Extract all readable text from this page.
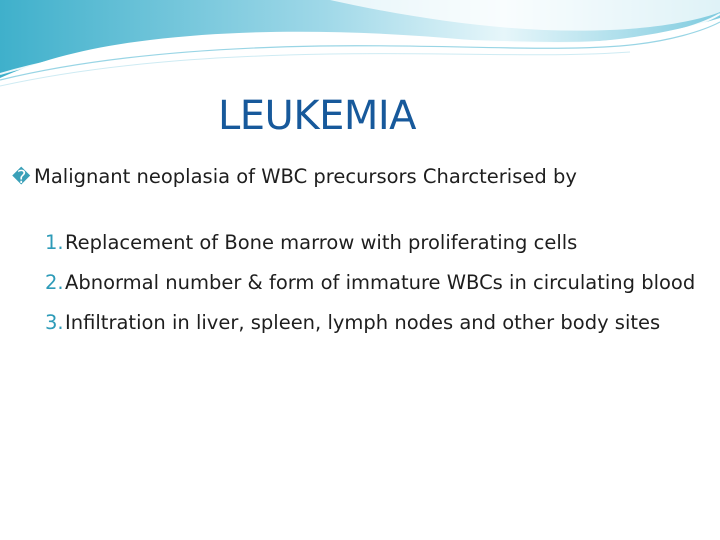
LEUKEMIA
� Malignant neoplasia of WBC precursors Charcterised by
1. Replacement of Bone marrow with proliferating cells
2. Abnormal number & form of immature WBCs in circulating blood
3. Infiltration in liver, spleen, lymph nodes and other body sites
